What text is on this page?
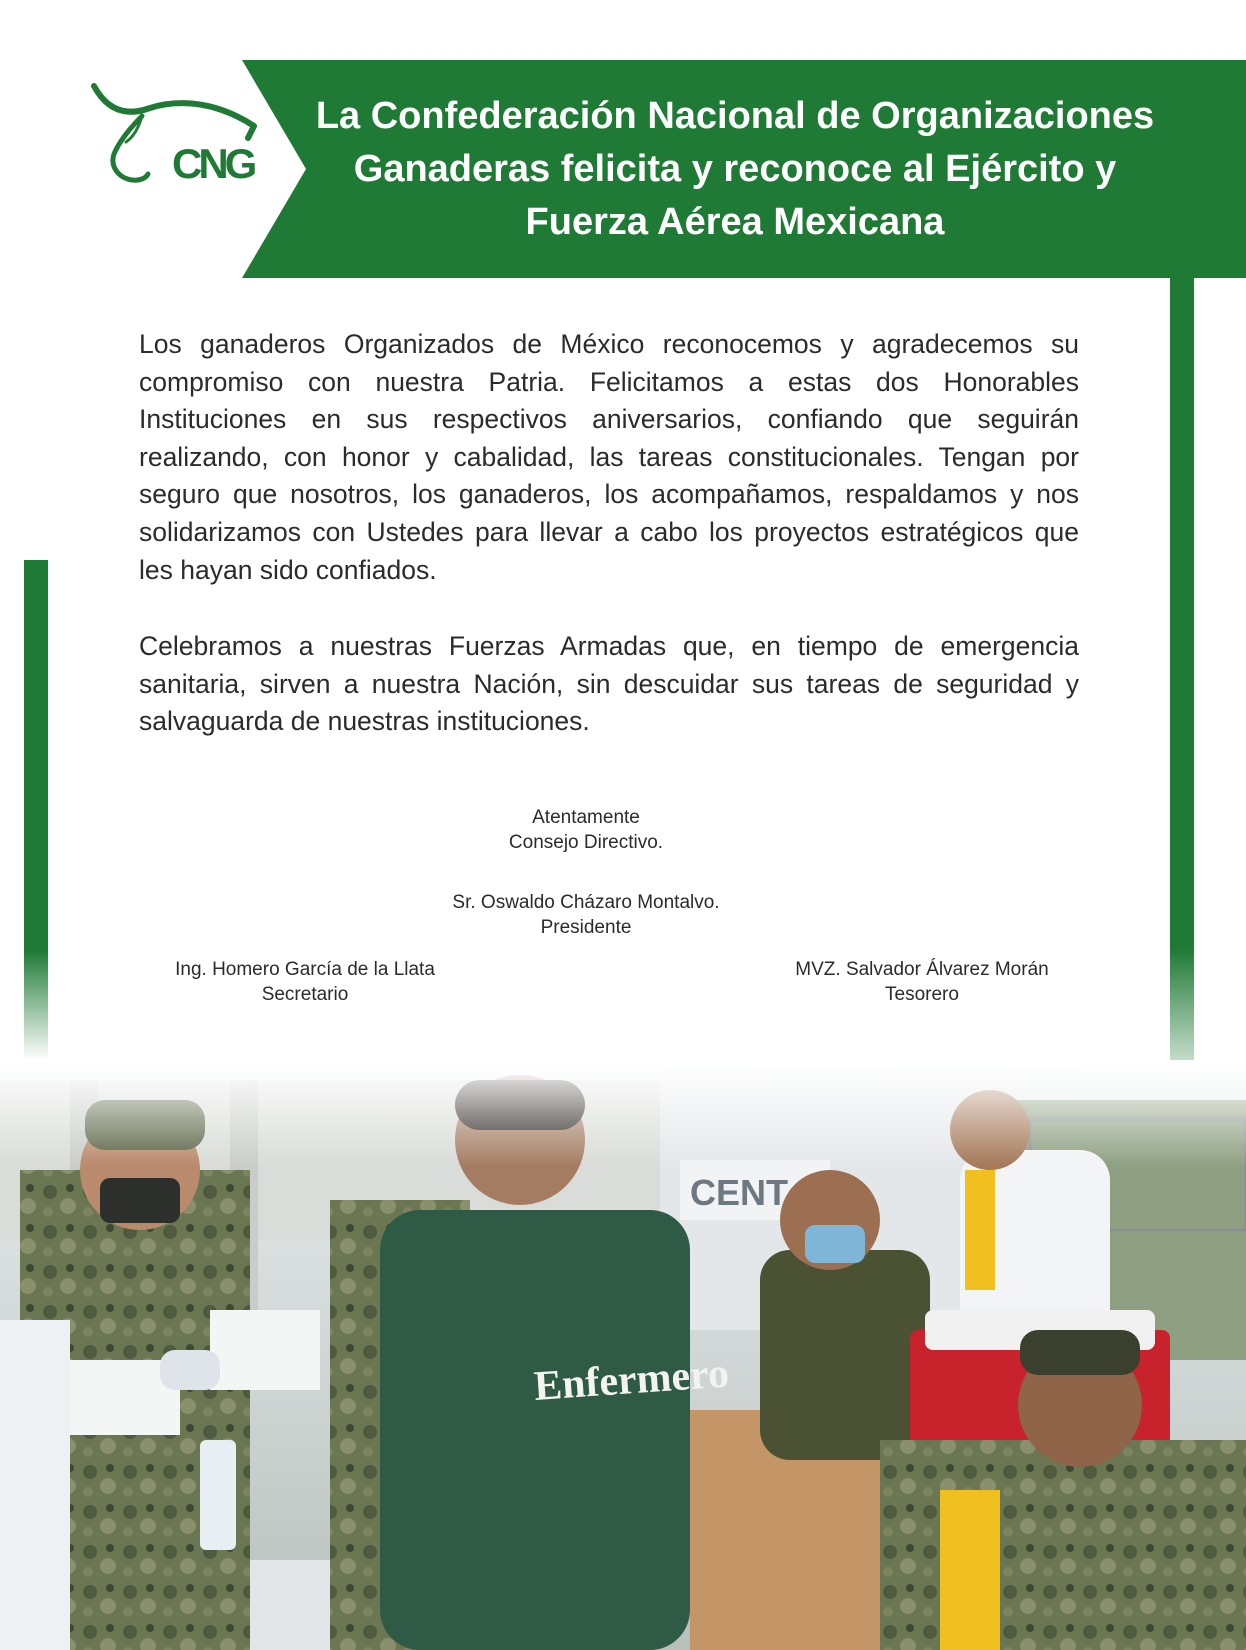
La Confederación Nacional de Organizaciones Ganaderas felicita y reconoce al Ejército y Fuerza Aérea Mexicana
CNG

Los ganaderos Organizados de México reconocemos y agradecemos su compromiso con nuestra Patria. Felicitamos a estas dos Honorables Instituciones en sus respectivos aniversarios, confiando que seguirán realizando, con honor y cabalidad, las tareas constitucionales. Tengan por seguro que nosotros, los ganaderos, los acompañamos, respaldamos y nos solidarizamos con Ustedes para llevar a cabo los proyectos estratégicos que les hayan sido confiados.

Celebramos a nuestras Fuerzas Armadas que, en tiempo de emergencia sanitaria, sirven a nuestra Nación, sin descuidar sus tareas de seguridad y salvaguarda de nuestras instituciones.

Atentamente
Consejo Directivo.
Sr. Oswaldo Cházaro Montalvo.
Presidente
Ing. Homero García de la Llata
Secretario
MVZ. Salvador Álvarez Morán
Tesorero
